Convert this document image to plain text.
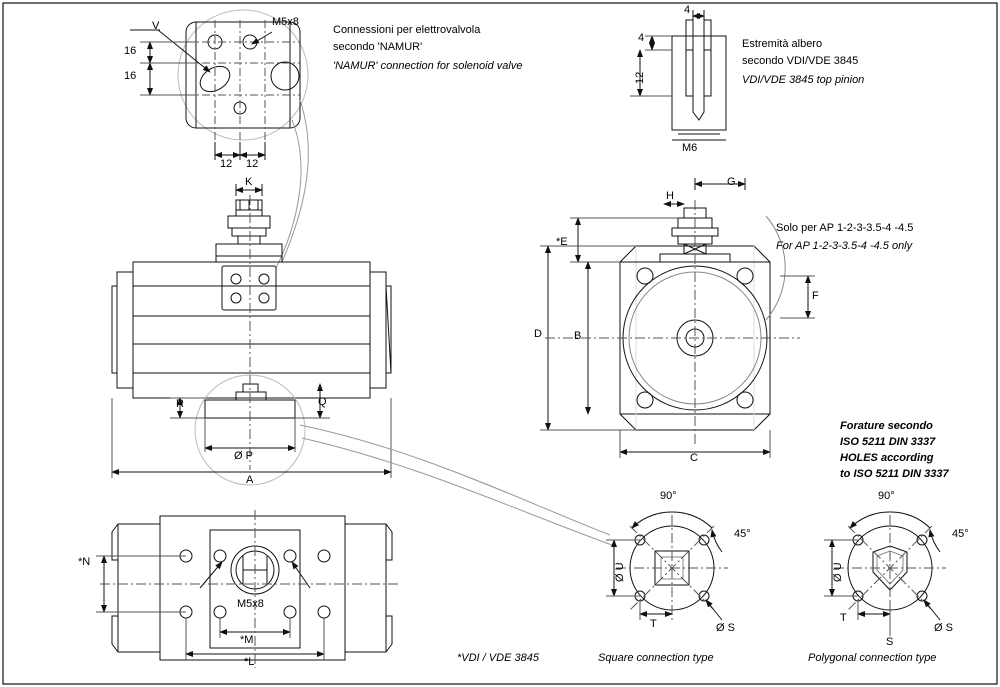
Connessioni per elettrovalvola
secondo 'NAMUR'
'NAMUR' connection for solenoid valve
M5x8
V
16
16
12 12
Estremità albero
secondo VDI/VDE 3845
VDI/VDE 3845 top pinion
4
4
12
M6
Solo per AP 1-2-3-3.5-4 -4.5
For AP 1-2-3-3.5-4 -4.5 only
Forature secondo
ISO 5211 DIN 3337
HOLES according
to ISO 5211 DIN 3337
K
R	Q
Ø P
A
G
H
*E
F
D	B
C
*N
*M
*L
M5x8
90°
45°
Ø U
T	Ø S
90°
45°
Ø U
T
S
Ø S
*VDI / VDE 3845	Square connection type	Polygonal connection type
